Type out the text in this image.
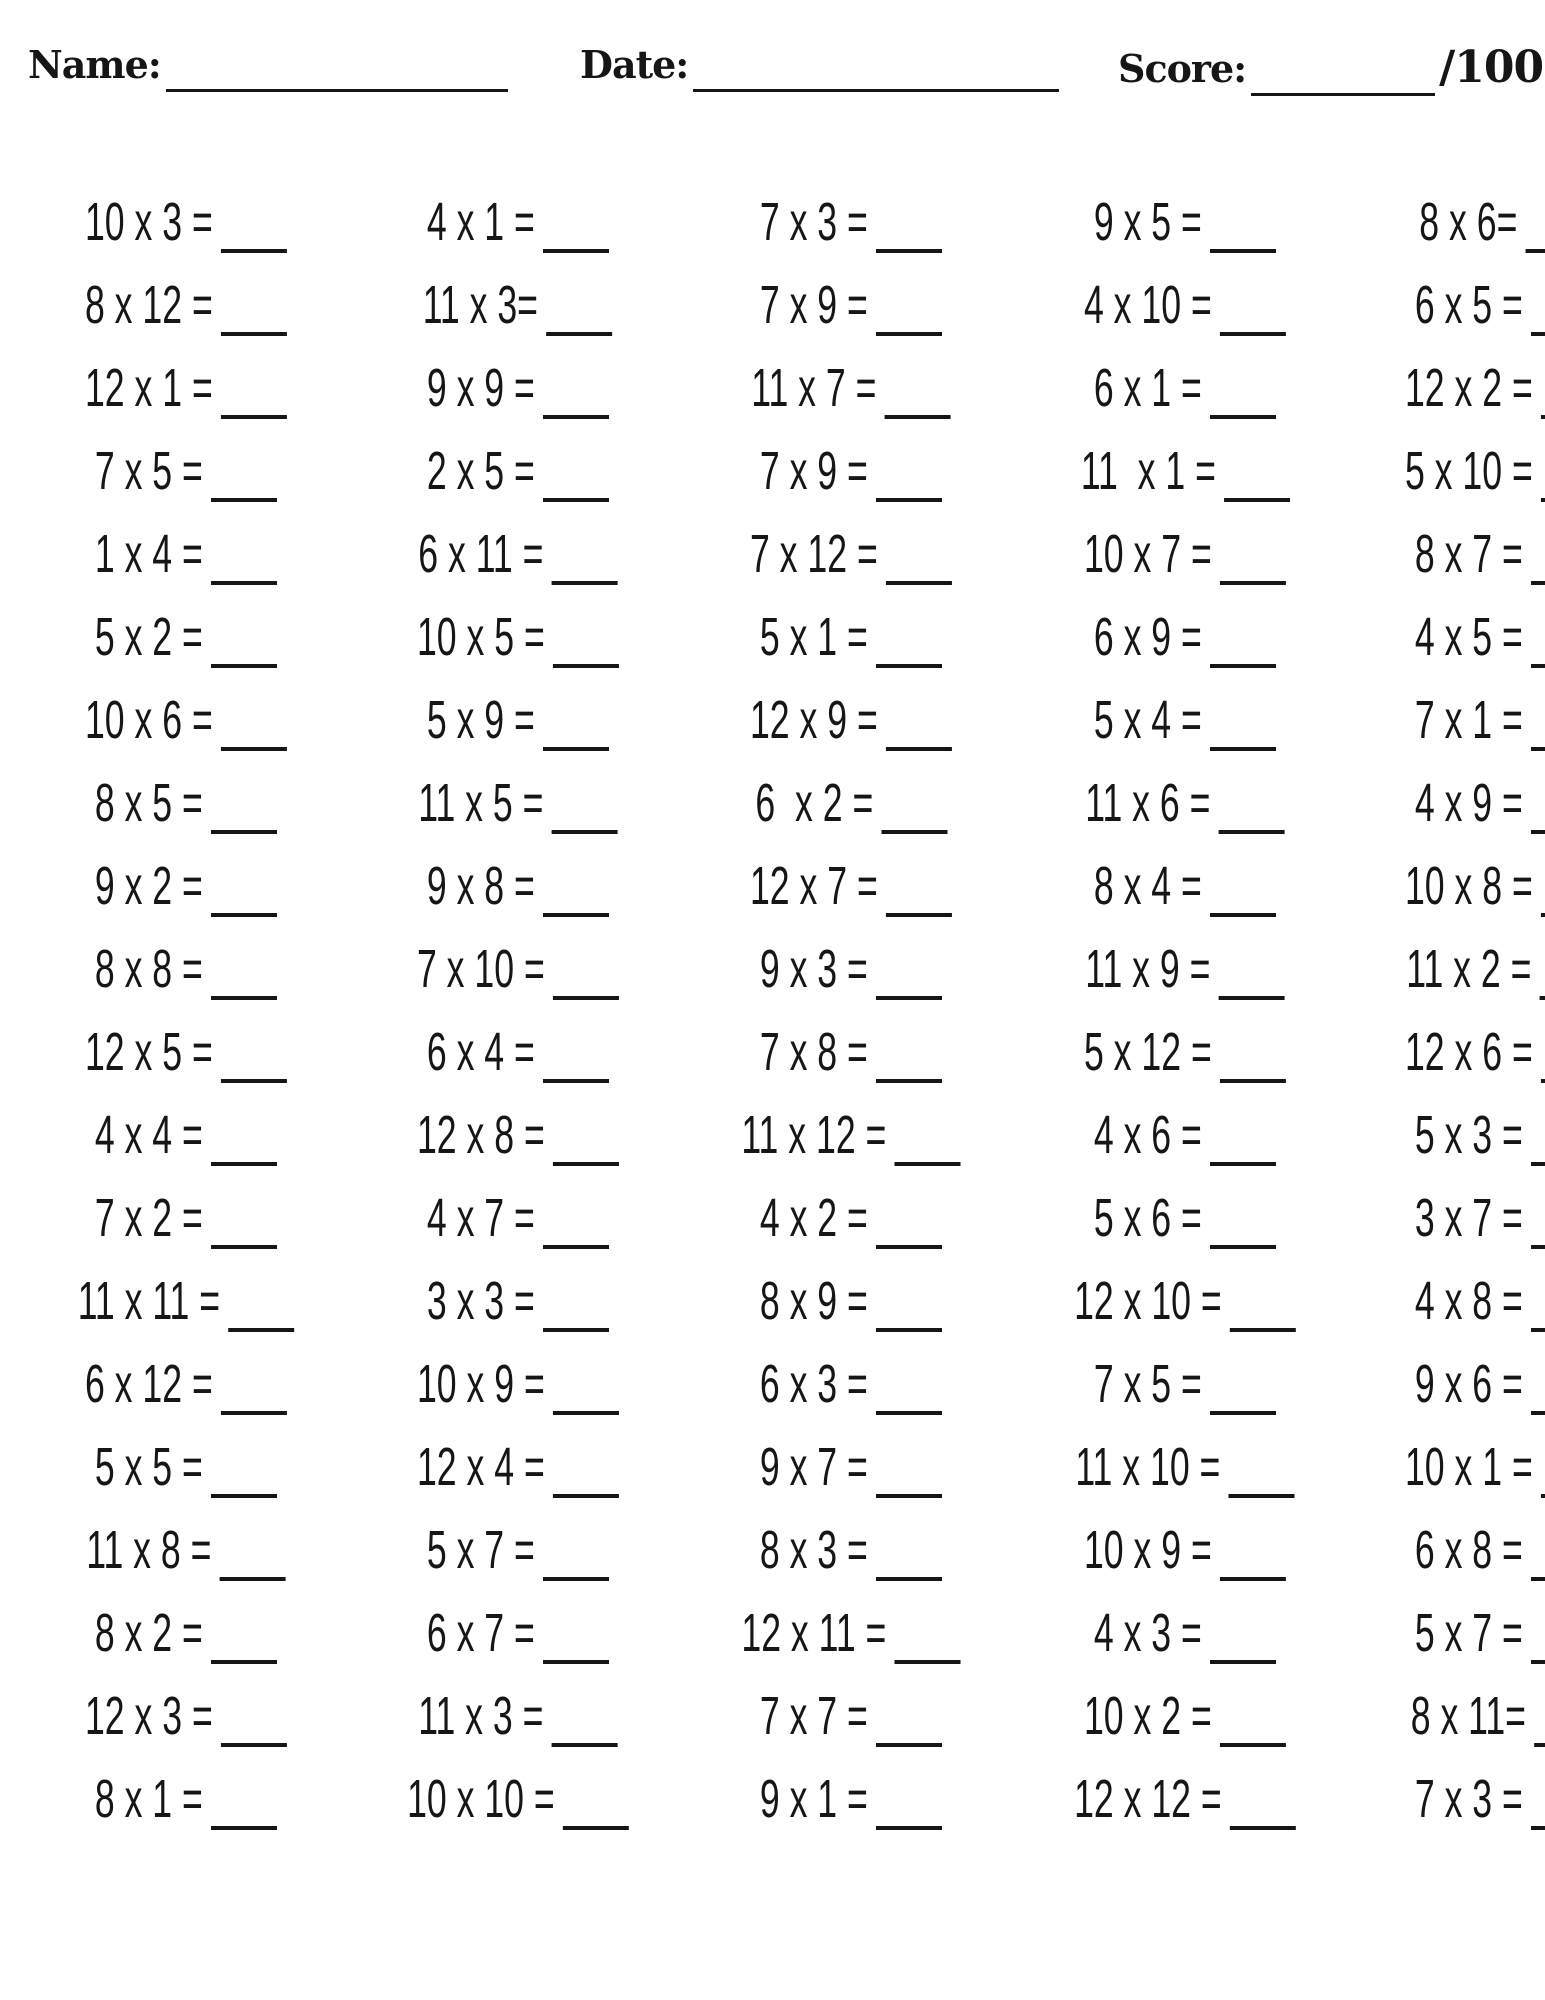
Name:	Date:	Score:	/100
10 x 3 =	4 x 1 =	7 x 3 =	9 x 5 =	8 x 6=
8 x 12 =	11 x 3=	7 x 9 =	4 x 10 =	6 x 5 =
12 x 1 =	9 x 9 =	11 x 7 =	6 x 1 =	12 x 2 =
7 x 5 =	2 x 5 =	7 x 9 =	11  x 1 =	5 x 10 =
1 x 4 =	6 x 11 =	7 x 12 =	10 x 7 =	8 x 7 =
5 x 2 =	10 x 5 =	5 x 1 =	6 x 9 =	4 x 5 =
10 x 6 =	5 x 9 =	12 x 9 =	5 x 4 =	7 x 1 =
8 x 5 =	11 x 5 =	6  x 2 =	11 x 6 =	4 x 9 =
9 x 2 =	9 x 8 =	12 x 7 =	8 x 4 =	10 x 8 =
8 x 8 =	7 x 10 =	9 x 3 =	11 x 9 =	11 x 2 =
12 x 5 =	6 x 4 =	7 x 8 =	5 x 12 =	12 x 6 =
4 x 4 =	12 x 8 =	11 x 12 =	4 x 6 =	5 x 3 =
7 x 2 =	4 x 7 =	4 x 2 =	5 x 6 =	3 x 7 =
11 x 11 =	3 x 3 =	8 x 9 =	12 x 10 =	4 x 8 =
6 x 12 =	10 x 9 =	6 x 3 =	7 x 5 =	9 x 6 =
5 x 5 =	12 x 4 =	9 x 7 =	11 x 10 =	10 x 1 =
11 x 8 =	5 x 7 =	8 x 3 =	10 x 9 =	6 x 8 =
8 x 2 =	6 x 7 =	12 x 11 =	4 x 3 =	5 x 7 =
12 x 3 =	11 x 3 =	7 x 7 =	10 x 2 =	8 x 11=
8 x 1 =	10 x 10 =	9 x 1 =	12 x 12 =	7 x 3 =
